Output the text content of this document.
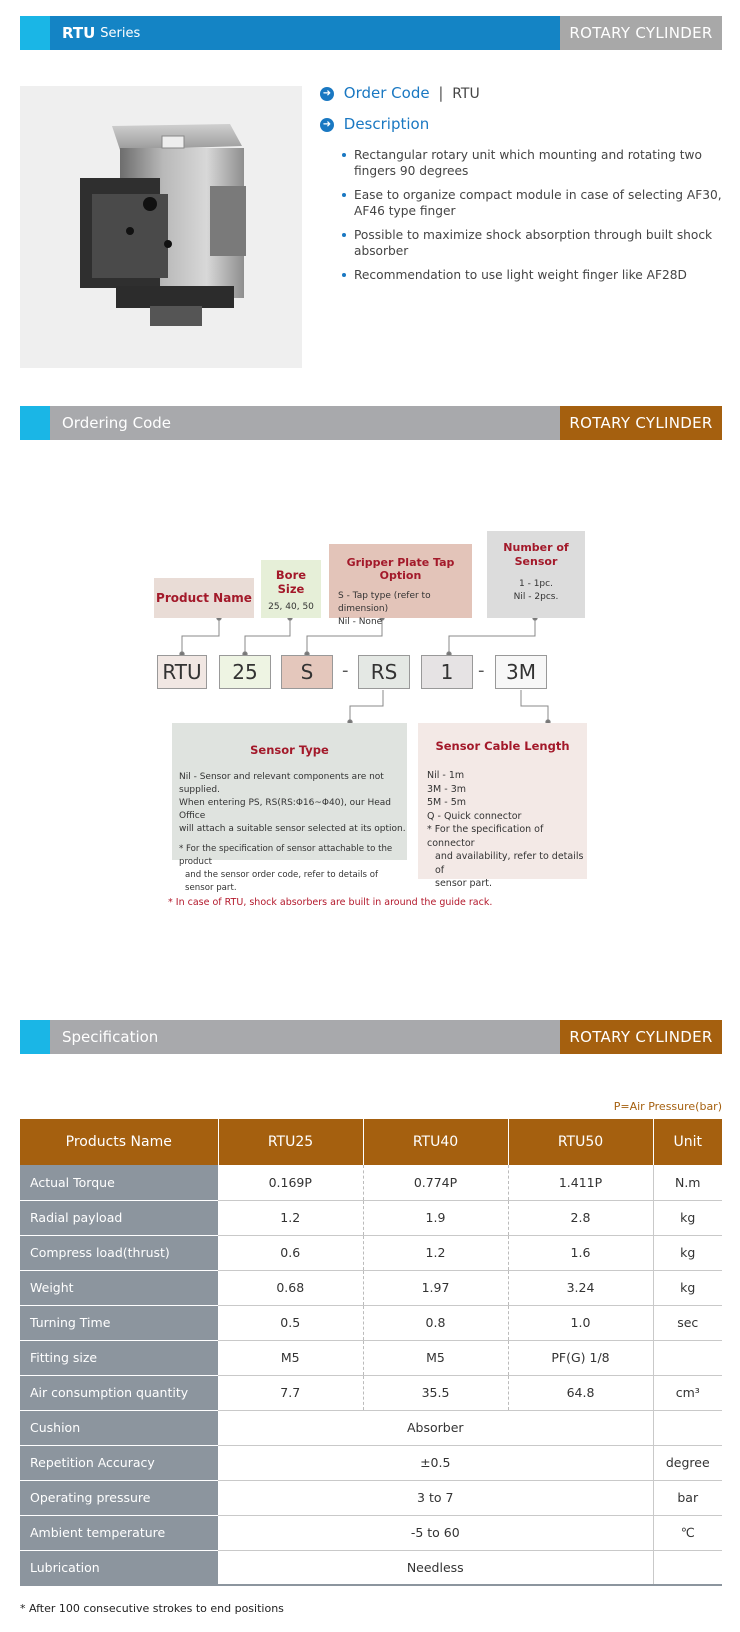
RTU Series	ROTARY CYLINDER
➜ Order Code | RTU
➜ Description
Rectangular rotary unit which mounting and rotating two fingers 90 degrees
Ease to organize compact module in case of selecting AF30, AF46 type finger
Possible to maximize shock absorption through built shock absorber
Recommendation to use light weight finger like AF28D
Ordering Code	ROTARY CYLINDER
Product Name
Bore Size
25, 40, 50
Gripper Plate Tap Option
S - Tap type (refer to dimension)
Nil - None
Number of
Sensor
1 - 1pc.
Nil - 2pcs.
RTU	25	S	-	RS	1	-	3M
Sensor Type
Nil - Sensor and relevant components are not supplied.
When entering PS, RS(RS:Φ16~Φ40), our Head Office
will attach a suitable sensor selected at its option.
* For the specification of sensor attachable to the product
and the sensor order code, refer to details of sensor part.
Sensor Cable Length
Nil - 1m
3M - 3m
5M - 5m
Q - Quick connector
* For the specification of connector
and availability, refer to details of
sensor part.
* In case of RTU, shock absorbers are built in around the guide rack.
Specification	ROTARY CYLINDER
P=Air Pressure(bar)
Products Name	RTU25	RTU40	RTU50	Unit
Actual Torque	0.169P	0.774P	1.411P	N.m
Radial payload	1.2	1.9	2.8	kg
Compress load(thrust)	0.6	1.2	1.6	kg
Weight	0.68	1.97	3.24	kg
Turning Time	0.5	0.8	1.0	sec
Fitting size	M5	M5	PF(G) 1/8	
Air consumption quantity	7.7	35.5	64.8	cm³
Cushion	Absorber			
Repetition Accuracy	±0.5			degree
Operating pressure	3 to 7			bar
Ambient temperature	-5 to 60			℃
Lubrication	Needless			
* After 100 consecutive strokes to end positions
